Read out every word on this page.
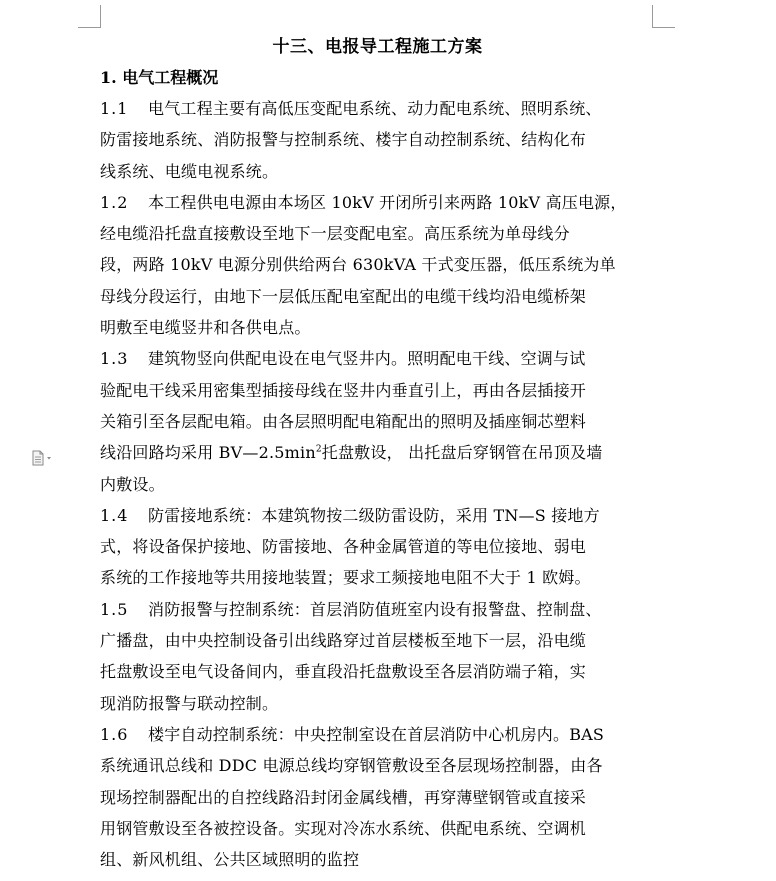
十三、电报导工程施工方案
1. 电气工程概况
1.1 电气工程主要有高低压变配电系统、动力配电系统、照明系统、
防雷接地系统、消防报警与控制系统、楼宇自动控制系统、结构化布
线系统、电缆电视系统。
1.2 本工程供电电源由本场区 10kV 开闭所引来两路 10kV 高压电源，
经电缆沿托盘直接敷设至地下一层变配电室。高压系统为单母线分
段，两路 10kV 电源分别供给两台 630kVA 干式变压器，低压系统为单
母线分段运行，由地下一层低压配电室配出的电缆干线均沿电缆桥架
明敷至电缆竖井和各供电点。
1.3 建筑物竖向供配电设在电气竖井内。照明配电干线、空调与试
验配电干线采用密集型插接母线在竖井内垂直引上，再由各层插接开
关箱引至各层配电箱。由各层照明配电箱配出的照明及插座铜芯塑料
线沿回路均采用 $BV—2.5\min^2$托盘敷设， 出托盘后穿钢管在吊顶及墙
内敷设。
1.4 防雷接地系统：本建筑物按二级防雷设防，采用 TN—S 接地方
式，将设备保护接地、防雷接地、各种金属管道的等电位接地、弱电
系统的工作接地等共用接地装置；要求工频接地电阻不大于 1 欧姆。
1.5 消防报警与控制系统：首层消防值班室内设有报警盘、控制盘、
广播盘，由中央控制设备引出线路穿过首层楼板至地下一层，沿电缆
托盘敷设至电气设备间内，垂直段沿托盘敷设至各层消防端子箱，实
现消防报警与联动控制。
1.6 楼宇自动控制系统：中央控制室设在首层消防中心机房内。BAS
系统通讯总线和 DDC 电源总线均穿钢管敷设至各层现场控制器，由各
现场控制器配出的自控线路沿封闭金属线槽，再穿薄壁钢管或直接采
用钢管敷设至各被控设备。实现对冷冻水系统、供配电系统、空调机
组、新风机组、公共区域照明的监控
